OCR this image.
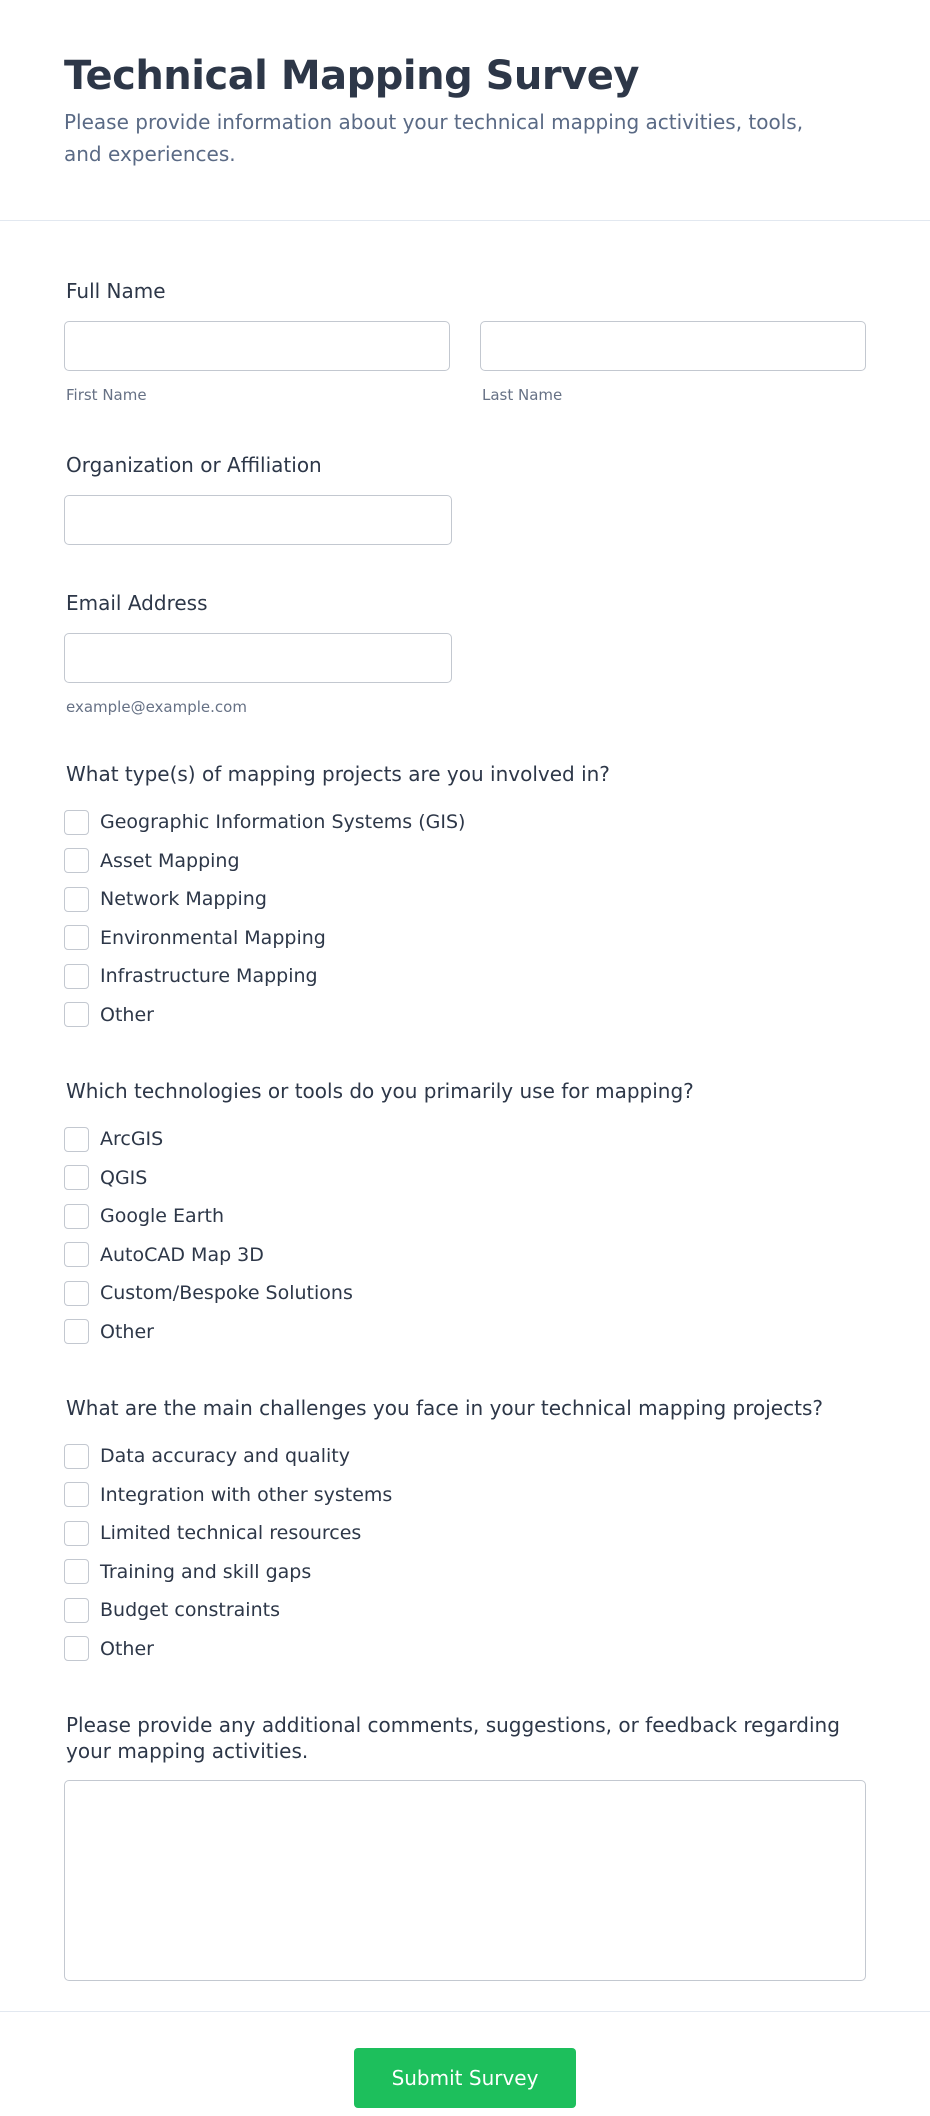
Technical Mapping Survey

Please provide information about your technical mapping activities, tools, and experiences.

Full Name
First Name	Last Name
Organization or Affiliation
Email Address
example@example.com
What type(s) of mapping projects are you involved in?
Geographic Information Systems (GIS)
Asset Mapping
Network Mapping
Environmental Mapping
Infrastructure Mapping
Other
Which technologies or tools do you primarily use for mapping?
ArcGIS
QGIS
Google Earth
AutoCAD Map 3D
Custom/Bespoke Solutions
Other
What are the main challenges you face in your technical mapping projects?
Data accuracy and quality
Integration with other systems
Limited technical resources
Training and skill gaps
Budget constraints
Other
Please provide any additional comments, suggestions, or feedback regarding your mapping activities.
Submit Survey
